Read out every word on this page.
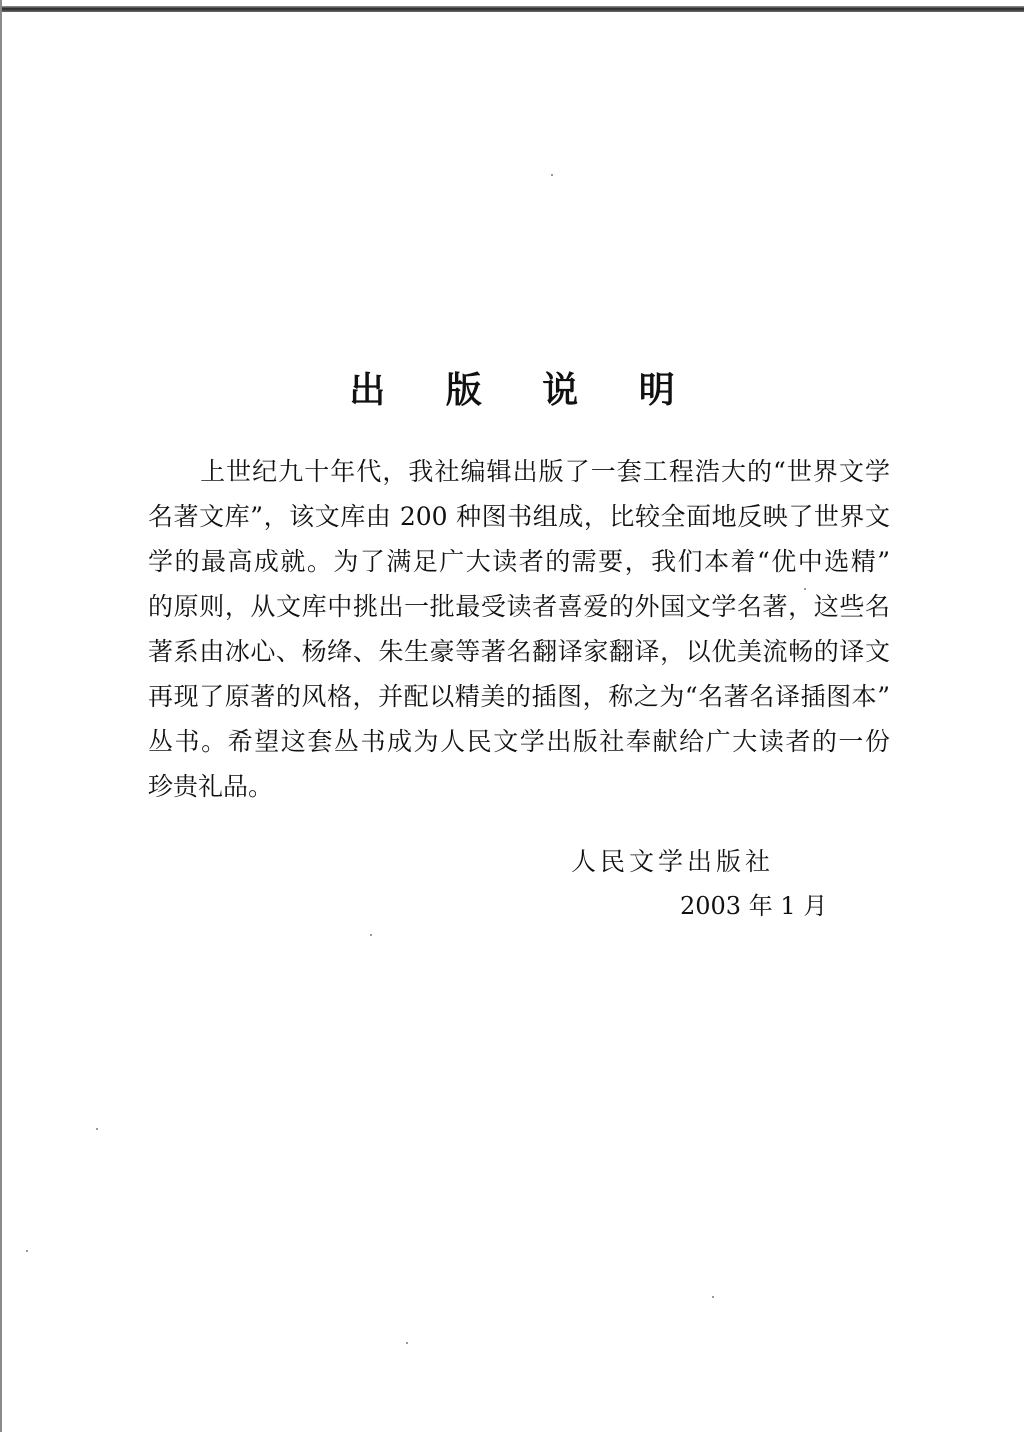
出 版 说 明
　　上世纪九十年代，我社编辑出版了一套工程浩大的“世界文学
名著文库”，该文库由 200 种图书组成，比较全面地反映了世界文
学的最高成就。为了满足广大读者的需要，我们本着“优中选精”
的原则，从文库中挑出一批最受读者喜爱的外国文学名著，这些名
著系由冰心、杨绛、朱生豪等著名翻译家翻译，以优美流畅的译文
再现了原著的风格，并配以精美的插图，称之为“名著名译插图本”
丛书。希望这套丛书成为人民文学出版社奉献给广大读者的一份
珍贵礼品。
人民文学出版社
2003 年 1 月
